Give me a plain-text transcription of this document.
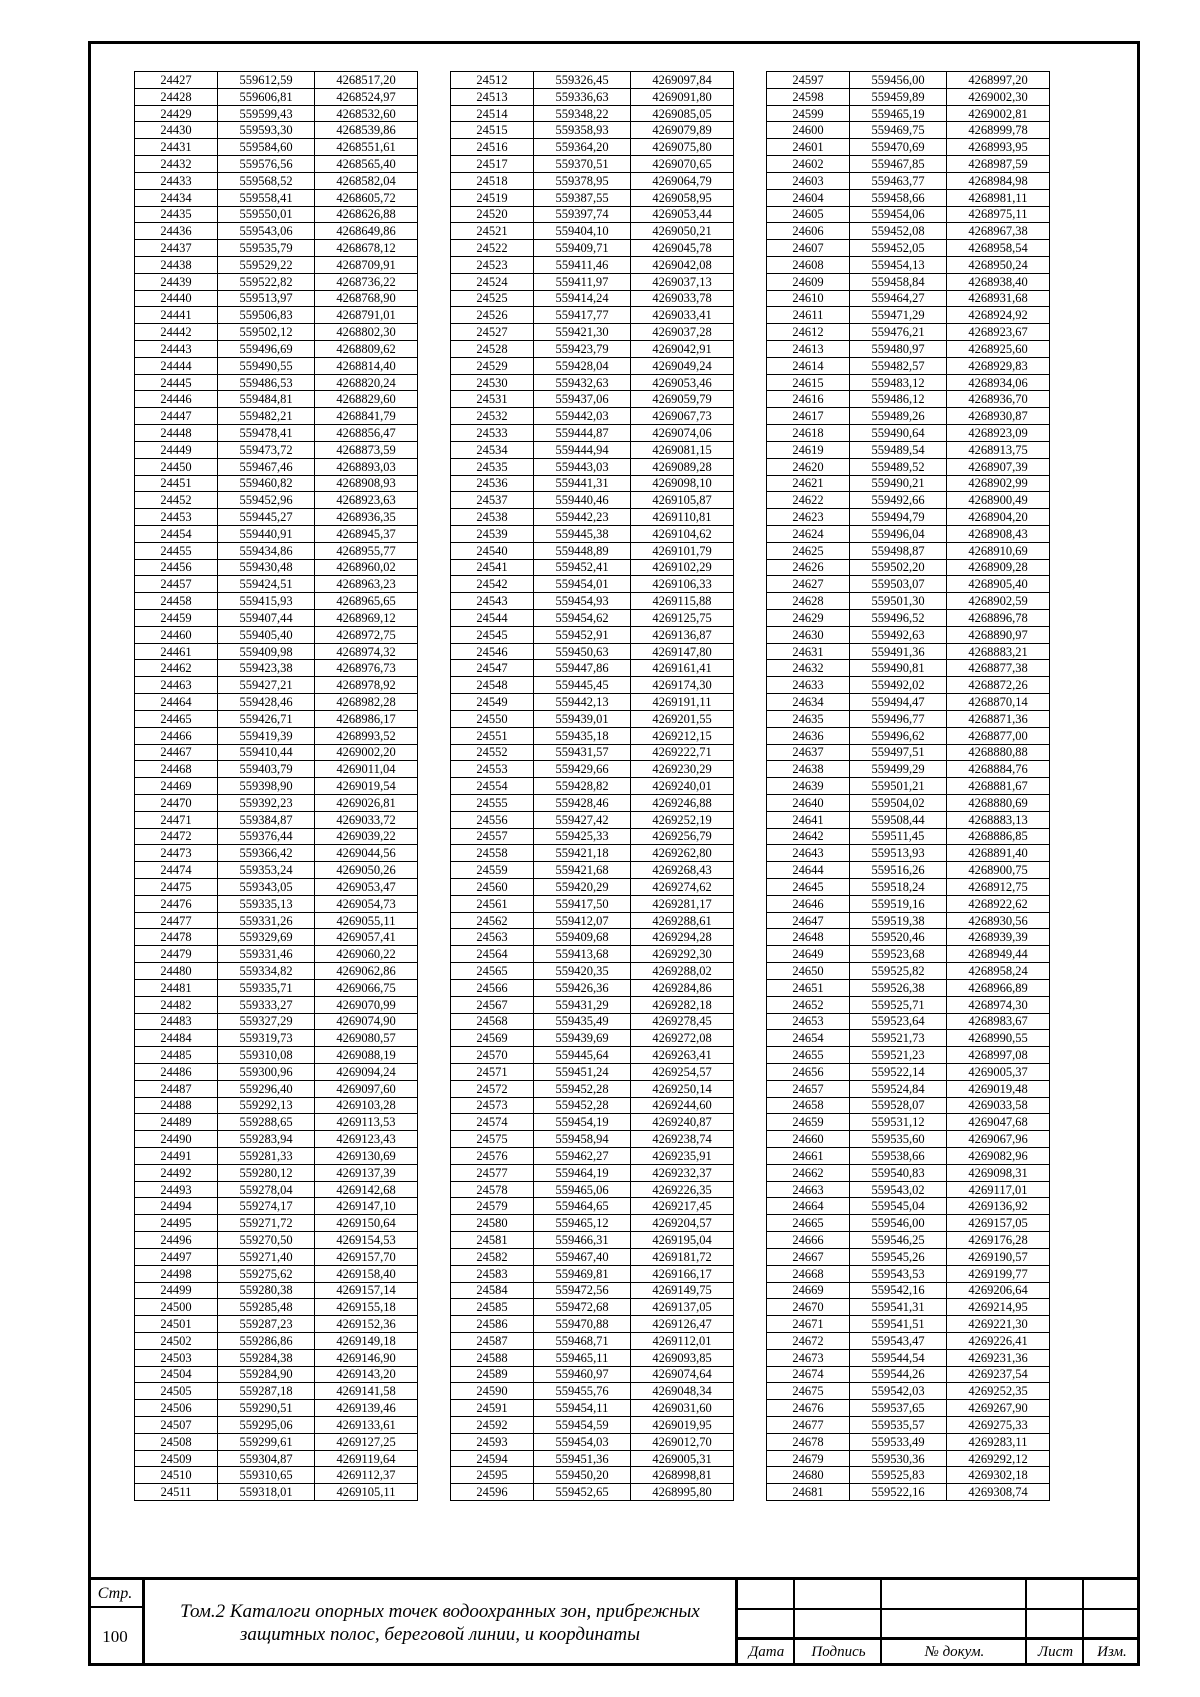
24427	559612,59	4268517,20
24428	559606,81	4268524,97
24429	559599,43	4268532,60
24430	559593,30	4268539,86
24431	559584,60	4268551,61
24432	559576,56	4268565,40
24433	559568,52	4268582,04
24434	559558,41	4268605,72
24435	559550,01	4268626,88
24436	559543,06	4268649,86
24437	559535,79	4268678,12
24438	559529,22	4268709,91
24439	559522,82	4268736,22
24440	559513,97	4268768,90
24441	559506,83	4268791,01
24442	559502,12	4268802,30
24443	559496,69	4268809,62
24444	559490,55	4268814,40
24445	559486,53	4268820,24
24446	559484,81	4268829,60
24447	559482,21	4268841,79
24448	559478,41	4268856,47
24449	559473,72	4268873,59
24450	559467,46	4268893,03
24451	559460,82	4268908,93
24452	559452,96	4268923,63
24453	559445,27	4268936,35
24454	559440,91	4268945,37
24455	559434,86	4268955,77
24456	559430,48	4268960,02
24457	559424,51	4268963,23
24458	559415,93	4268965,65
24459	559407,44	4268969,12
24460	559405,40	4268972,75
24461	559409,98	4268974,32
24462	559423,38	4268976,73
24463	559427,21	4268978,92
24464	559428,46	4268982,28
24465	559426,71	4268986,17
24466	559419,39	4268993,52
24467	559410,44	4269002,20
24468	559403,79	4269011,04
24469	559398,90	4269019,54
24470	559392,23	4269026,81
24471	559384,87	4269033,72
24472	559376,44	4269039,22
24473	559366,42	4269044,56
24474	559353,24	4269050,26
24475	559343,05	4269053,47
24476	559335,13	4269054,73
24477	559331,26	4269055,11
24478	559329,69	4269057,41
24479	559331,46	4269060,22
24480	559334,82	4269062,86
24481	559335,71	4269066,75
24482	559333,27	4269070,99
24483	559327,29	4269074,90
24484	559319,73	4269080,57
24485	559310,08	4269088,19
24486	559300,96	4269094,24
24487	559296,40	4269097,60
24488	559292,13	4269103,28
24489	559288,65	4269113,53
24490	559283,94	4269123,43
24491	559281,33	4269130,69
24492	559280,12	4269137,39
24493	559278,04	4269142,68
24494	559274,17	4269147,10
24495	559271,72	4269150,64
24496	559270,50	4269154,53
24497	559271,40	4269157,70
24498	559275,62	4269158,40
24499	559280,38	4269157,14
24500	559285,48	4269155,18
24501	559287,23	4269152,36
24502	559286,86	4269149,18
24503	559284,38	4269146,90
24504	559284,90	4269143,20
24505	559287,18	4269141,58
24506	559290,51	4269139,46
24507	559295,06	4269133,61
24508	559299,61	4269127,25
24509	559304,87	4269119,64
24510	559310,65	4269112,37
24511	559318,01	4269105,11
24512	559326,45	4269097,84
24513	559336,63	4269091,80
24514	559348,22	4269085,05
24515	559358,93	4269079,89
24516	559364,20	4269075,80
24517	559370,51	4269070,65
24518	559378,95	4269064,79
24519	559387,55	4269058,95
24520	559397,74	4269053,44
24521	559404,10	4269050,21
24522	559409,71	4269045,78
24523	559411,46	4269042,08
24524	559411,97	4269037,13
24525	559414,24	4269033,78
24526	559417,77	4269033,41
24527	559421,30	4269037,28
24528	559423,79	4269042,91
24529	559428,04	4269049,24
24530	559432,63	4269053,46
24531	559437,06	4269059,79
24532	559442,03	4269067,73
24533	559444,87	4269074,06
24534	559444,94	4269081,15
24535	559443,03	4269089,28
24536	559441,31	4269098,10
24537	559440,46	4269105,87
24538	559442,23	4269110,81
24539	559445,38	4269104,62
24540	559448,89	4269101,79
24541	559452,41	4269102,29
24542	559454,01	4269106,33
24543	559454,93	4269115,88
24544	559454,62	4269125,75
24545	559452,91	4269136,87
24546	559450,63	4269147,80
24547	559447,86	4269161,41
24548	559445,45	4269174,30
24549	559442,13	4269191,11
24550	559439,01	4269201,55
24551	559435,18	4269212,15
24552	559431,57	4269222,71
24553	559429,66	4269230,29
24554	559428,82	4269240,01
24555	559428,46	4269246,88
24556	559427,42	4269252,19
24557	559425,33	4269256,79
24558	559421,18	4269262,80
24559	559421,68	4269268,43
24560	559420,29	4269274,62
24561	559417,50	4269281,17
24562	559412,07	4269288,61
24563	559409,68	4269294,28
24564	559413,68	4269292,30
24565	559420,35	4269288,02
24566	559426,36	4269284,86
24567	559431,29	4269282,18
24568	559435,49	4269278,45
24569	559439,69	4269272,08
24570	559445,64	4269263,41
24571	559451,24	4269254,57
24572	559452,28	4269250,14
24573	559452,28	4269244,60
24574	559454,19	4269240,87
24575	559458,94	4269238,74
24576	559462,27	4269235,91
24577	559464,19	4269232,37
24578	559465,06	4269226,35
24579	559464,65	4269217,45
24580	559465,12	4269204,57
24581	559466,31	4269195,04
24582	559467,40	4269181,72
24583	559469,81	4269166,17
24584	559472,56	4269149,75
24585	559472,68	4269137,05
24586	559470,88	4269126,47
24587	559468,71	4269112,01
24588	559465,11	4269093,85
24589	559460,97	4269074,64
24590	559455,76	4269048,34
24591	559454,11	4269031,60
24592	559454,59	4269019,95
24593	559454,03	4269012,70
24594	559451,36	4269005,31
24595	559450,20	4268998,81
24596	559452,65	4268995,80
24597	559456,00	4268997,20
24598	559459,89	4269002,30
24599	559465,19	4269002,81
24600	559469,75	4268999,78
24601	559470,69	4268993,95
24602	559467,85	4268987,59
24603	559463,77	4268984,98
24604	559458,66	4268981,11
24605	559454,06	4268975,11
24606	559452,08	4268967,38
24607	559452,05	4268958,54
24608	559454,13	4268950,24
24609	559458,84	4268938,40
24610	559464,27	4268931,68
24611	559471,29	4268924,92
24612	559476,21	4268923,67
24613	559480,97	4268925,60
24614	559482,57	4268929,83
24615	559483,12	4268934,06
24616	559486,12	4268936,70
24617	559489,26	4268930,87
24618	559490,64	4268923,09
24619	559489,54	4268913,75
24620	559489,52	4268907,39
24621	559490,21	4268902,99
24622	559492,66	4268900,49
24623	559494,79	4268904,20
24624	559496,04	4268908,43
24625	559498,87	4268910,69
24626	559502,20	4268909,28
24627	559503,07	4268905,40
24628	559501,30	4268902,59
24629	559496,52	4268896,78
24630	559492,63	4268890,97
24631	559491,36	4268883,21
24632	559490,81	4268877,38
24633	559492,02	4268872,26
24634	559494,47	4268870,14
24635	559496,77	4268871,36
24636	559496,62	4268877,00
24637	559497,51	4268880,88
24638	559499,29	4268884,76
24639	559501,21	4268881,67
24640	559504,02	4268880,69
24641	559508,44	4268883,13
24642	559511,45	4268886,85
24643	559513,93	4268891,40
24644	559516,26	4268900,75
24645	559518,24	4268912,75
24646	559519,16	4268922,62
24647	559519,38	4268930,56
24648	559520,46	4268939,39
24649	559523,68	4268949,44
24650	559525,82	4268958,24
24651	559526,38	4268966,89
24652	559525,71	4268974,30
24653	559523,64	4268983,67
24654	559521,73	4268990,55
24655	559521,23	4268997,08
24656	559522,14	4269005,37
24657	559524,84	4269019,48
24658	559528,07	4269033,58
24659	559531,12	4269047,68
24660	559535,60	4269067,96
24661	559538,66	4269082,96
24662	559540,83	4269098,31
24663	559543,02	4269117,01
24664	559545,04	4269136,92
24665	559546,00	4269157,05
24666	559546,25	4269176,28
24667	559545,26	4269190,57
24668	559543,53	4269199,77
24669	559542,16	4269206,64
24670	559541,31	4269214,95
24671	559541,51	4269221,30
24672	559543,47	4269226,41
24673	559544,54	4269231,36
24674	559544,26	4269237,54
24675	559542,03	4269252,35
24676	559537,65	4269267,90
24677	559535,57	4269275,33
24678	559533,49	4269283,11
24679	559530,36	4269292,12
24680	559525,83	4269302,18
24681	559522,16	4269308,74
Стр.
100
Том.2 Каталоги опорных точек водоохранных зон, прибрежных
защитных полос, береговой линии, и координаты
Дата	Подпись	№ докум.	Лист	Изм.
